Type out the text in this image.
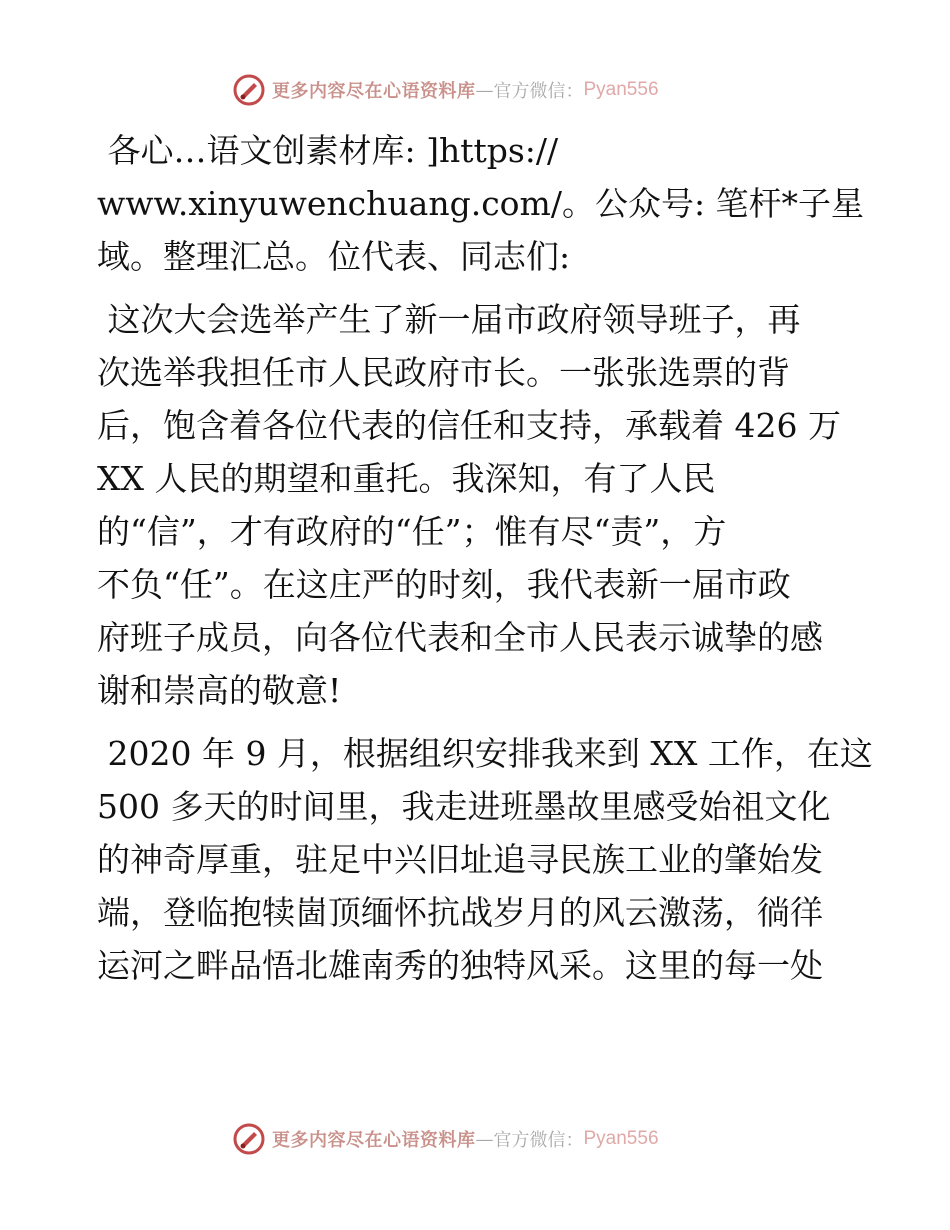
更多内容尽在心语资料库 — 官方微信： Pyan556

各心…语文创素材库: ]https://
www.xinyuwenchuang.com/。公众号: 笔杆*子星
域。整理汇总。位代表、同志们:

这次大会选举产生了新一届市政府领导班子，再
次选举我担任市人民政府市长。一张张选票的背
后，饱含着各位代表的信任和支持，承载着 426 万
XX 人民的期望和重托。我深知，有了人民
的“信”，才有政府的“任”；惟有尽“责”，方
不负“任”。在这庄严的时刻，我代表新一届市政
府班子成员，向各位代表和全市人民表示诚挚的感
谢和崇高的敬意!

2020 年 9 月，根据组织安排我来到 XX 工作，在这
500 多天的时间里，我走进班墨故里感受始祖文化
的神奇厚重，驻足中兴旧址追寻民族工业的肇始发
端，登临抱犊崮顶缅怀抗战岁月的风云激荡，徜徉
运河之畔品悟北雄南秀的独特风采。这里的每一处

更多内容尽在心语资料库 — 官方微信： Pyan556
